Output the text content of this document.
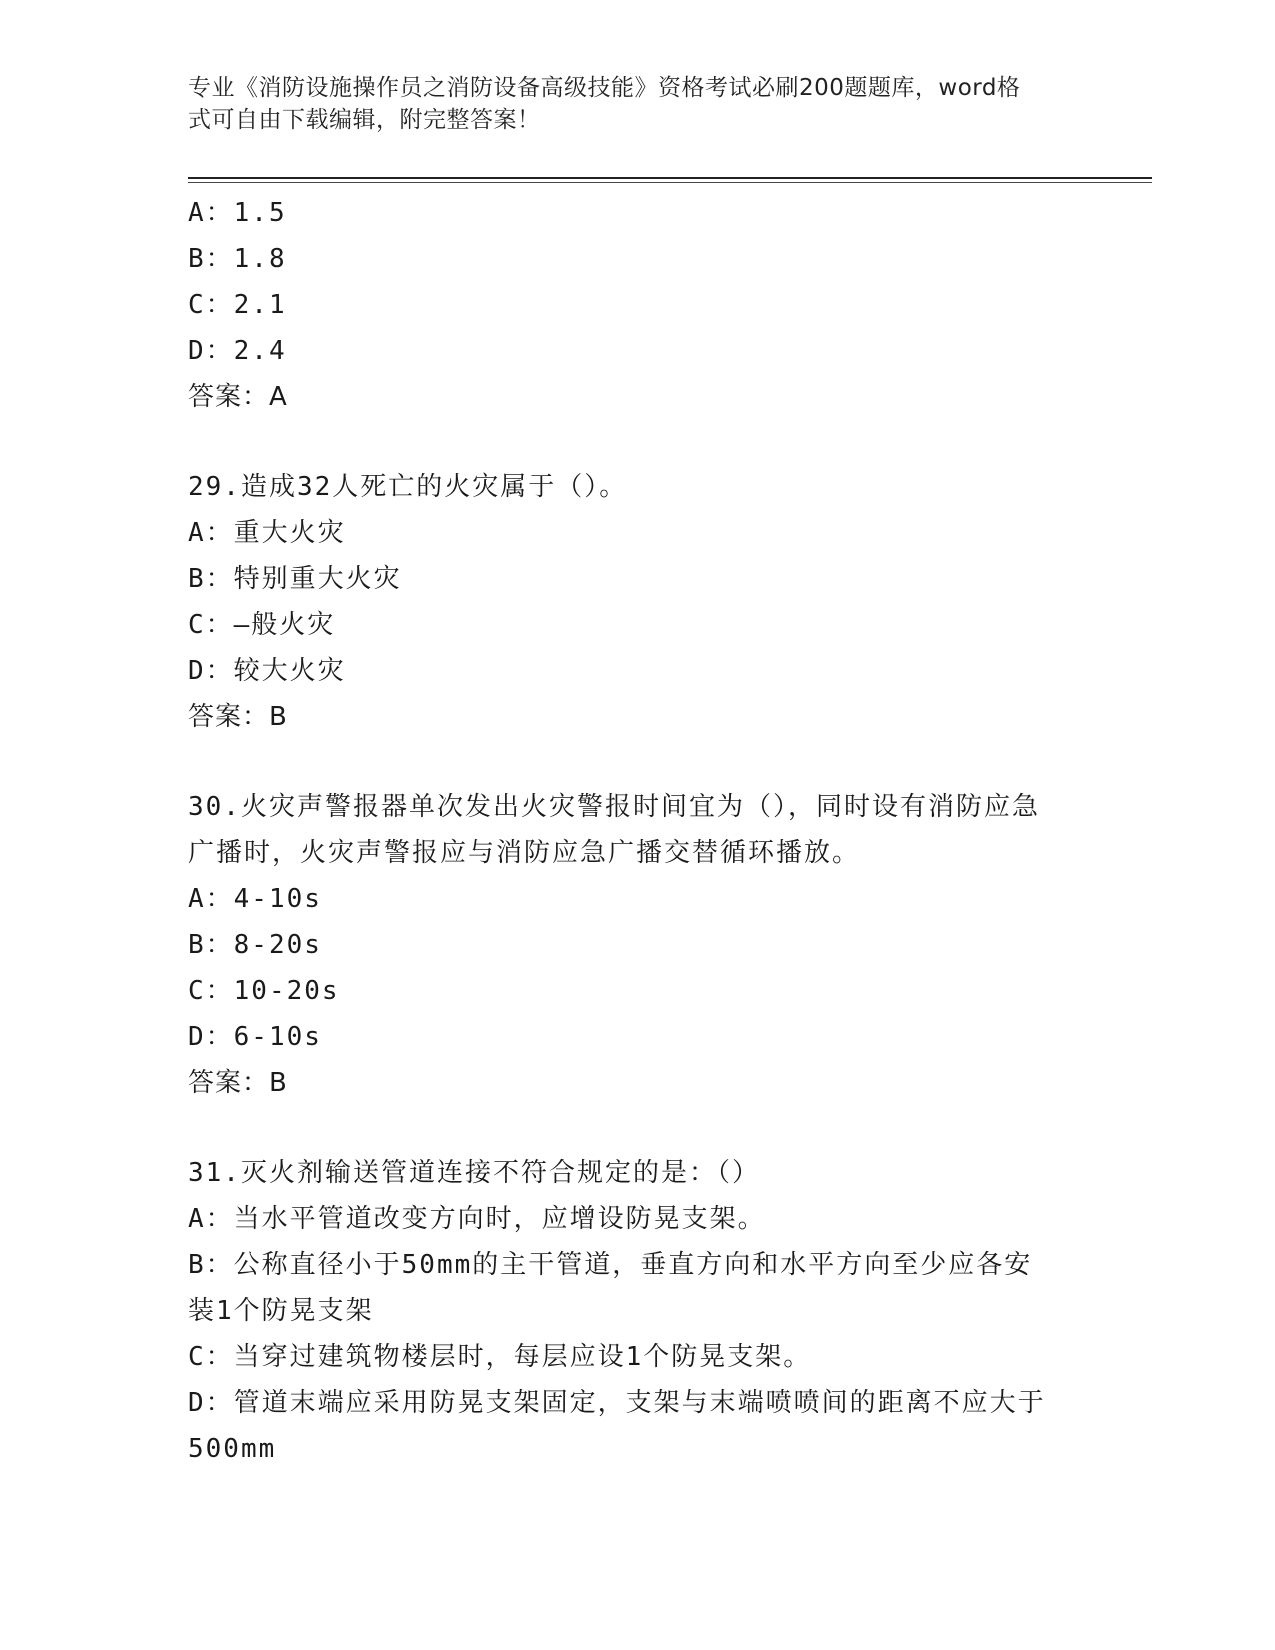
专业《消防设施操作员之消防设备高级技能》资格考试必刷200题题库，word格
式可自由下载编辑，附完整答案！
A：1.5
B：1.8
C：2.1
D：2.4
答案：A
29.造成32人死亡的火灾属于（）。
A：重大火灾
B：特别重大火灾
C：—般火灾
D：较大火灾
答案：B
30.火灾声警报器单次发出火灾警报时间宜为（），同时设有消防应急
广播时，火灾声警报应与消防应急广播交替循环播放。
A：4-10s
B：8-20s
C：10-20s
D：6-10s
答案：B
31.灭火剂输送管道连接不符合规定的是：（）
A：当水平管道改变方向时，应增设防晃支架。
B：公称直径小于50mm的主干管道，垂直方向和水平方向至少应各安
装1个防晃支架
C：当穿过建筑物楼层时，每层应设1个防晃支架。
D：管道末端应采用防晃支架固定，支架与末端喷喷间的距离不应大于
500mm
